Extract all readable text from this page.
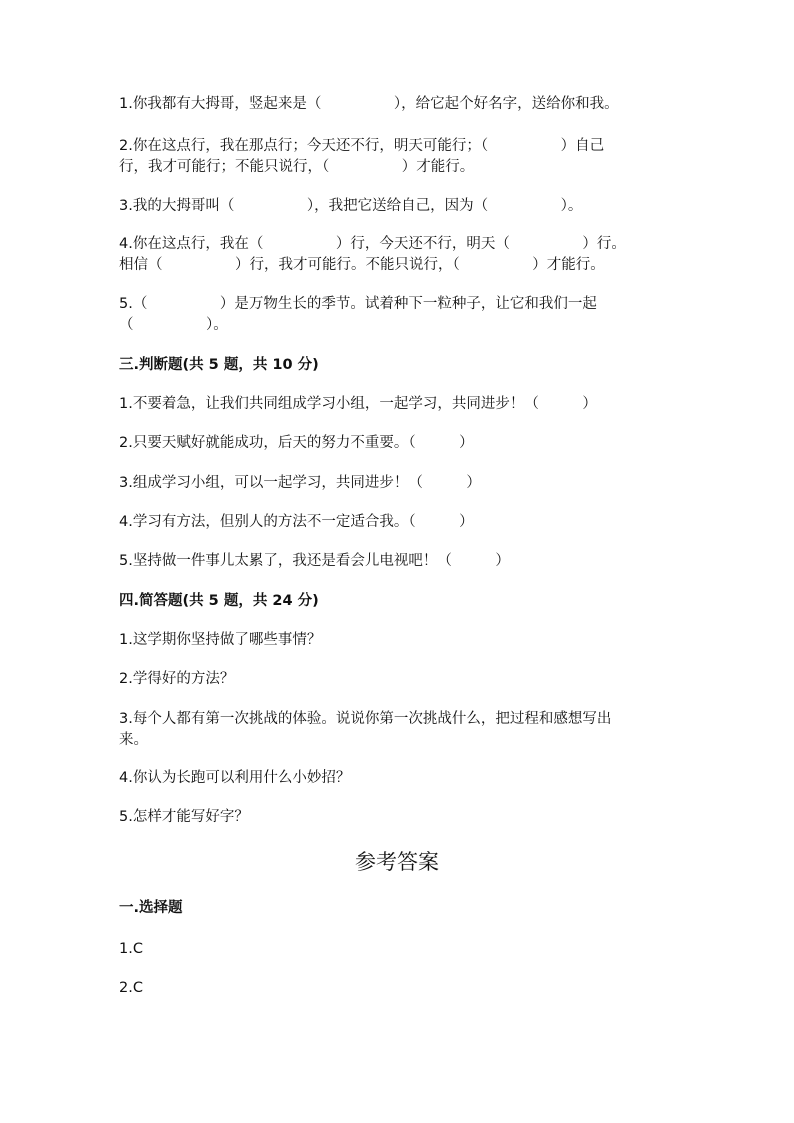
1.你我都有大拇哥，竖起来是（　　　　　），给它起个好名字，送给你和我。

2.你在这点行，我在那点行；今天还不行，明天可能行；（　　　　　）自己

行，我才可能行；不能只说行，（　　　　　）才能行。

3.我的大拇哥叫（　　　　　），我把它送给自己，因为（　　　　　）。

4.你在这点行，我在（　　　　　）行，今天还不行，明天（　　　　　）行。

相信（　　　　　）行，我才可能行。不能只说行，（　　　　　）才能行。

5.（　　　　　）是万物生长的季节。试着种下一粒种子，让它和我们一起

（　　　　　）。

三.判断题(共 5 题，共 10 分)

1.不要着急，让我们共同组成学习小组，一起学习，共同进步！（　　　）

2.只要天赋好就能成功，后天的努力不重要。（　　　）

3.组成学习小组，可以一起学习，共同进步！（　　　）

4.学习有方法，但别人的方法不一定适合我。（　　　）

5.坚持做一件事儿太累了，我还是看会儿电视吧！（　　　）

四.简答题(共 5 题，共 24 分)

1.这学期你坚持做了哪些事情？

2.学得好的方法？

3.每个人都有第一次挑战的体验。说说你第一次挑战什么，把过程和感想写出

来。

4.你认为长跑可以利用什么小妙招？

5.怎样才能写好字？

参考答案

一.选择题

1.C

2.C
